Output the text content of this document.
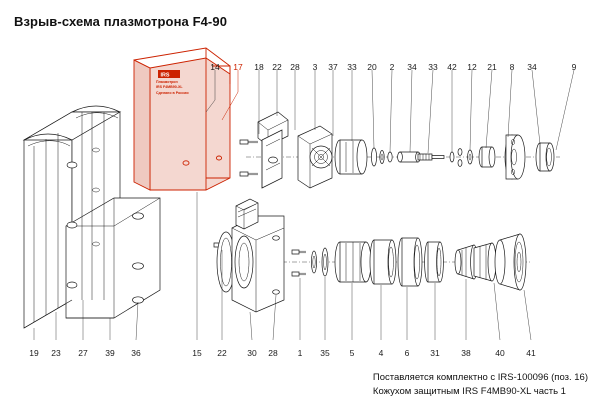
Взрыв-схема плазмотрона F4-90
IRS
Плазмотрон
IRS F4MB90-XL
Сделано в России
14 17 18 22 28 3 37 33 20 2 34 33 42 12 21 8 34	9
19 23 27 39 36	15 22 30 28 1 35 5	4	6 31	38	40	41
Поставляется комплектно с IRS-100096 (поз. 16)
Кожухом защитным IRS F4MB90-XL часть 1
